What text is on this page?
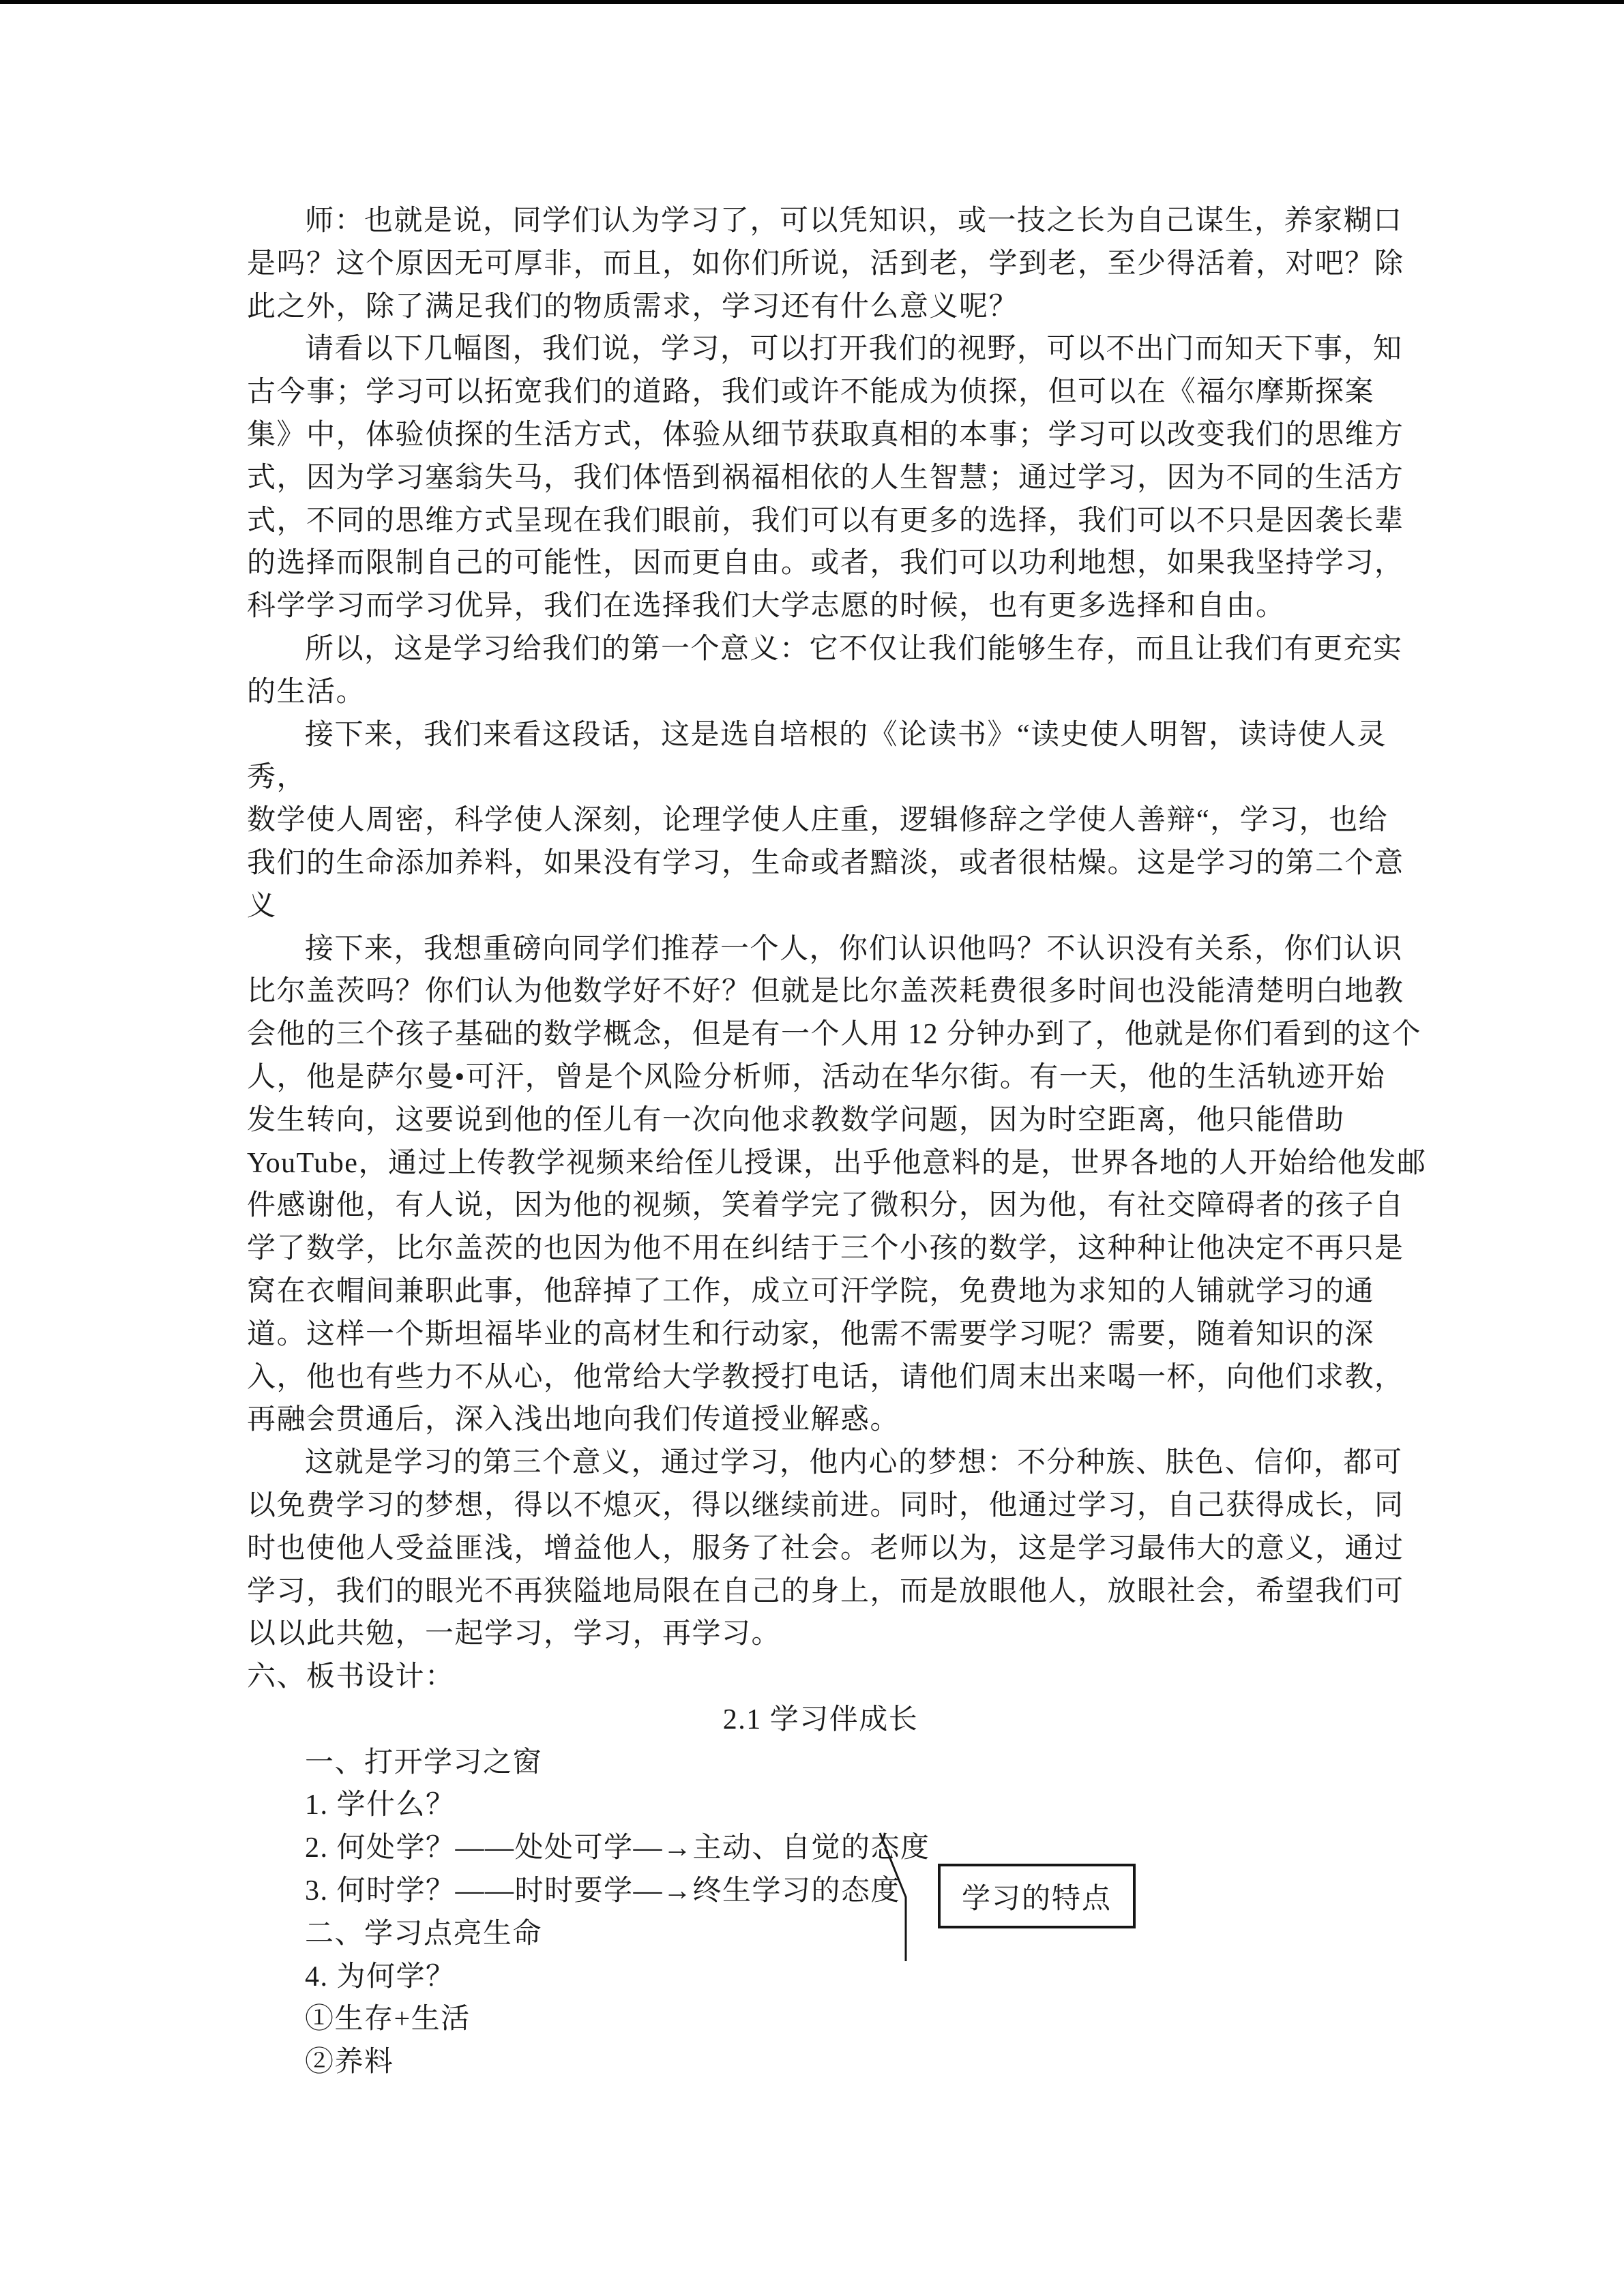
师：也就是说，同学们认为学习了，可以凭知识，或一技之长为自己谋生，养家糊口
是吗？这个原因无可厚非，而且，如你们所说，活到老，学到老，至少得活着，对吧？除
此之外，除了满足我们的物质需求，学习还有什么意义呢？
请看以下几幅图，我们说，学习，可以打开我们的视野，可以不出门而知天下事，知
古今事；学习可以拓宽我们的道路，我们或许不能成为侦探，但可以在《福尔摩斯探案
集》中，体验侦探的生活方式，体验从细节获取真相的本事；学习可以改变我们的思维方
式，因为学习塞翁失马，我们体悟到祸福相依的人生智慧；通过学习，因为不同的生活方
式，不同的思维方式呈现在我们眼前，我们可以有更多的选择，我们可以不只是因袭长辈
的选择而限制自己的可能性，因而更自由。或者，我们可以功利地想，如果我坚持学习，
科学学习而学习优异，我们在选择我们大学志愿的时候，也有更多选择和自由。
所以，这是学习给我们的第一个意义：它不仅让我们能够生存，而且让我们有更充实
的生活。
接下来，我们来看这段话，这是选自培根的《论读书》“读史使人明智，读诗使人灵
秀，
数学使人周密，科学使人深刻，论理学使人庄重，逻辑修辞之学使人善辩“，学习，也给
我们的生命添加养料，如果没有学习，生命或者黯淡，或者很枯燥。这是学习的第二个意
义
接下来，我想重磅向同学们推荐一个人，你们认识他吗？不认识没有关系，你们认识
比尔盖茨吗？你们认为他数学好不好？但就是比尔盖茨耗费很多时间也没能清楚明白地教
会他的三个孩子基础的数学概念，但是有一个人用 12 分钟办到了，他就是你们看到的这个
人，他是萨尔曼•可汗，曾是个风险分析师，活动在华尔街。有一天，他的生活轨迹开始
发生转向，这要说到他的侄儿有一次向他求教数学问题，因为时空距离，他只能借助
YouTube，通过上传教学视频来给侄儿授课，出乎他意料的是，世界各地的人开始给他发邮
件感谢他，有人说，因为他的视频，笑着学完了微积分，因为他，有社交障碍者的孩子自
学了数学，比尔盖茨的也因为他不用在纠结于三个小孩的数学，这种种让他决定不再只是
窝在衣帽间兼职此事，他辞掉了工作，成立可汗学院，免费地为求知的人铺就学习的通
道。这样一个斯坦福毕业的高材生和行动家，他需不需要学习呢？需要，随着知识的深
入，他也有些力不从心，他常给大学教授打电话，请他们周末出来喝一杯，向他们求教，
再融会贯通后，深入浅出地向我们传道授业解惑。
这就是学习的第三个意义，通过学习，他内心的梦想：不分种族、肤色、信仰，都可
以免费学习的梦想，得以不熄灭，得以继续前进。同时，他通过学习，自己获得成长，同
时也使他人受益匪浅，增益他人，服务了社会。老师以为，这是学习最伟大的意义，通过
学习，我们的眼光不再狭隘地局限在自己的身上，而是放眼他人，放眼社会，希望我们可
以以此共勉，一起学习，学习，再学习。
六、板书设计：
2.1 学习伴成长
一、打开学习之窗
1. 学什么？
2. 何处学？——处处可学—→主动、自觉的态度
3. 何时学？——时时要学—→终生学习的态度
二、学习点亮生命
4. 为何学？
①生存+生活
②养料
学习的特点
